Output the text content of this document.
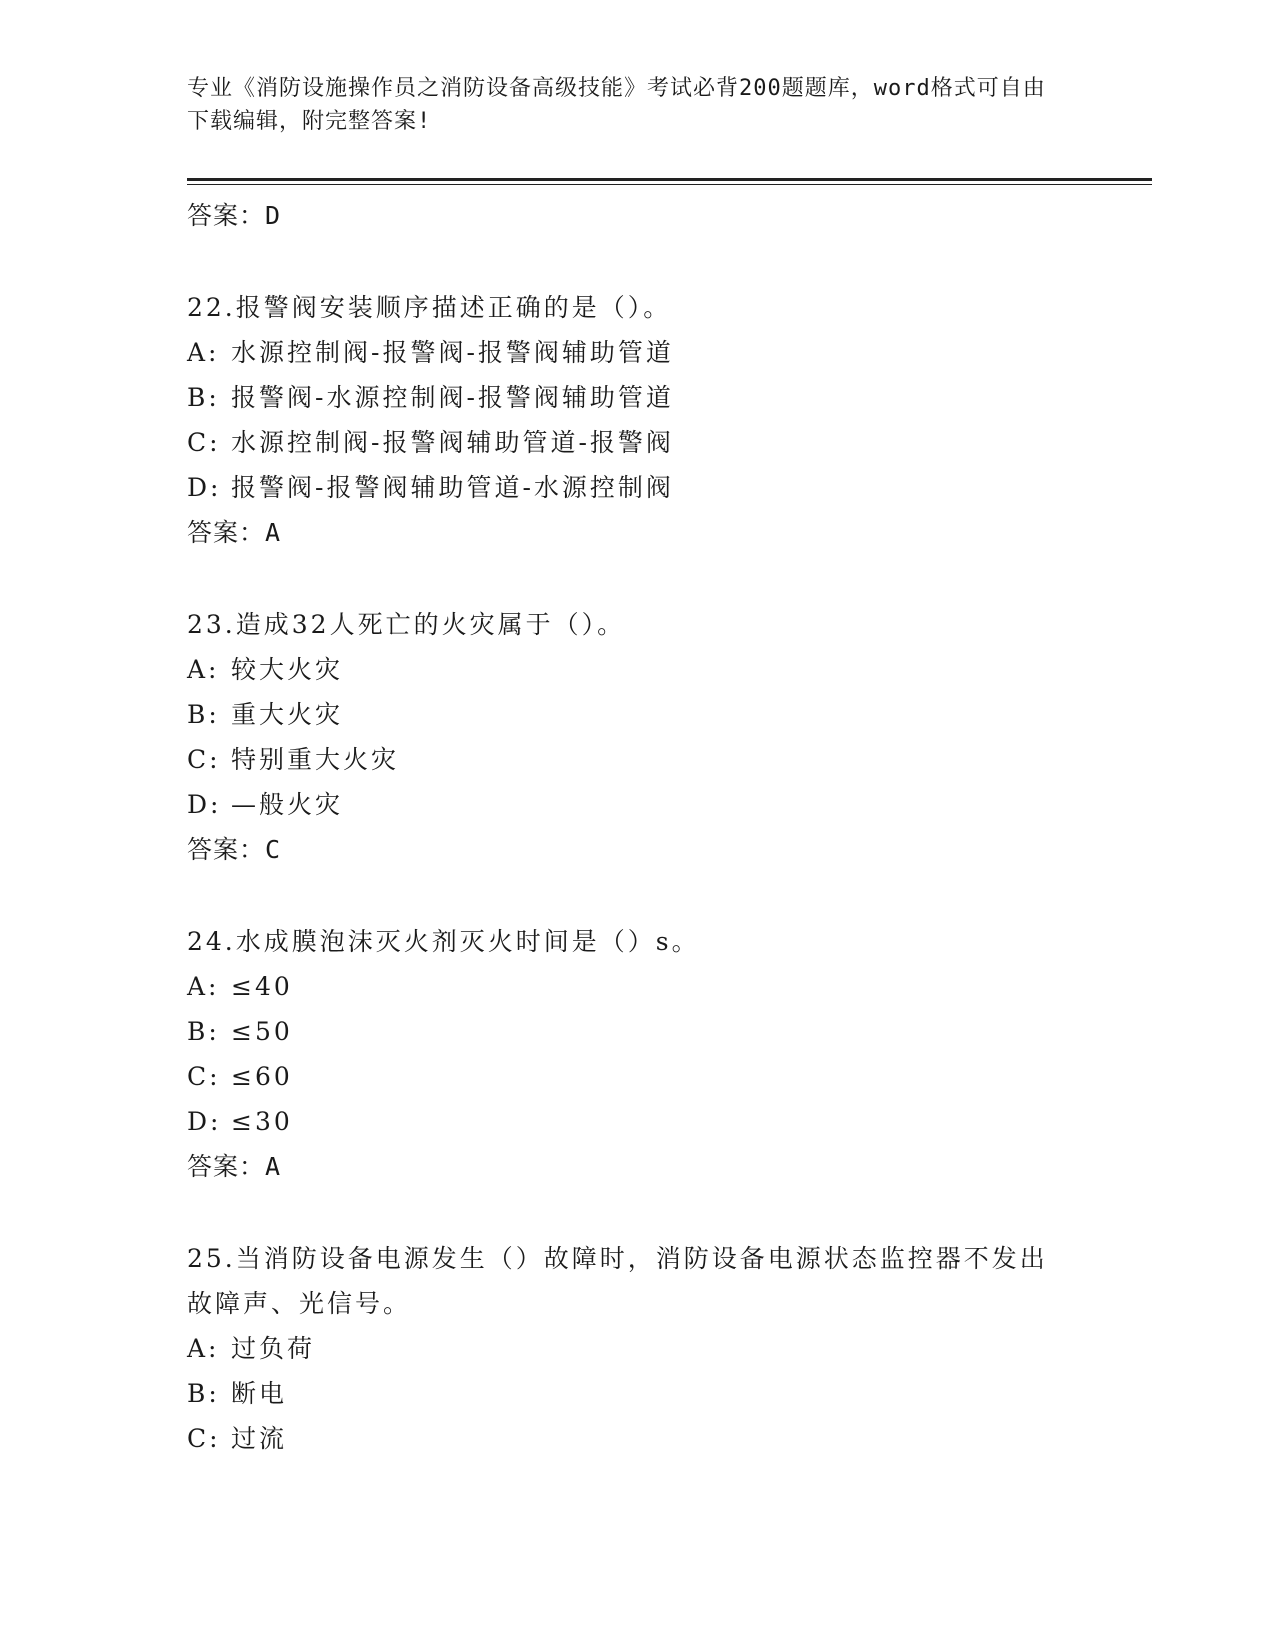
专业《消防设施操作员之消防设备高级技能》考试必背200题题库，word格式可自由下载编辑，附完整答案!

答案：D

22.报警阀安装顺序描述正确的是（）。

A: 水源控制阀-报警阀-报警阀辅助管道
B: 报警阀-水源控制阀-报警阀辅助管道
C: 水源控制阀-报警阀辅助管道-报警阀
D: 报警阀-报警阀辅助管道-水源控制阀
答案：A

23.造成32人死亡的火灾属于（）。

A: 较大火灾
B: 重大火灾
C: 特别重大火灾
D: —般火灾
答案：C

24.水成膜泡沫灭火剂灭火时间是（）s。

A: ≤40
B: ≤50
C: ≤60
D: ≤30
答案：A

25.当消防设备电源发生（）故障时，消防设备电源状态监控器不发出故障声、光信号。

A: 过负荷
B: 断电
C: 过流
